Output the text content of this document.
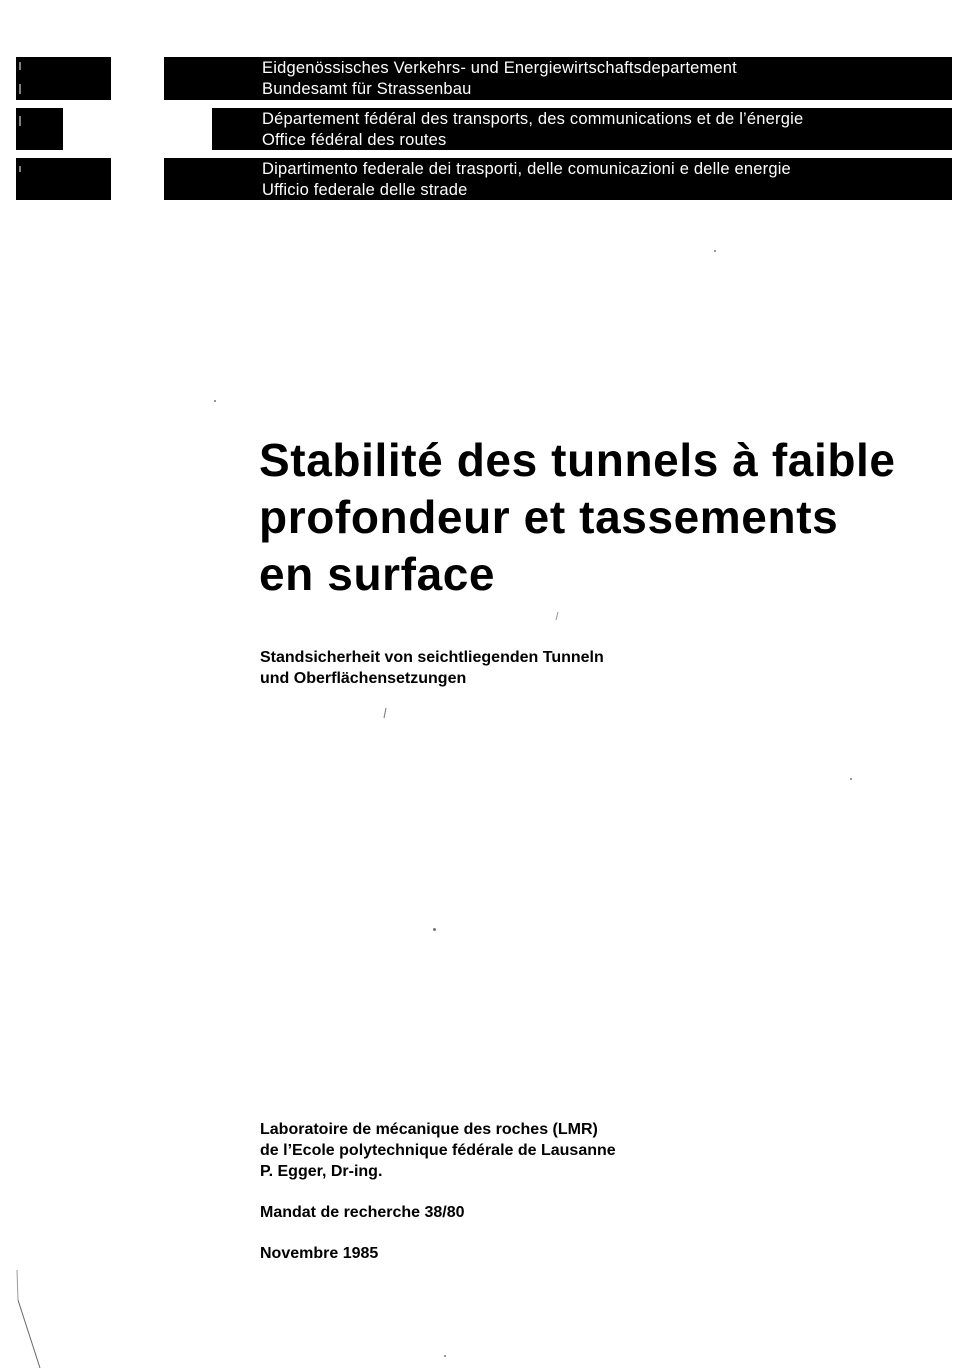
Eidgenössisches Verkehrs- und Energiewirtschaftsdepartement
Bundesamt für Strassenbau
Département fédéral des transports, des communications et de l’énergie
Office fédéral des routes
Dipartimento federale dei trasporti, delle comunicazioni e delle energie
Ufficio federale delle strade
Stabilité des tunnels à faible
profondeur et tassements
en surface
Standsicherheit von seichtliegenden Tunneln
und Oberflächensetzungen
Laboratoire de mécanique des roches (LMR)
de l’Ecole polytechnique fédérale de Lausanne
P. Egger, Dr-ing.
Mandat de recherche 38/80
Novembre 1985
